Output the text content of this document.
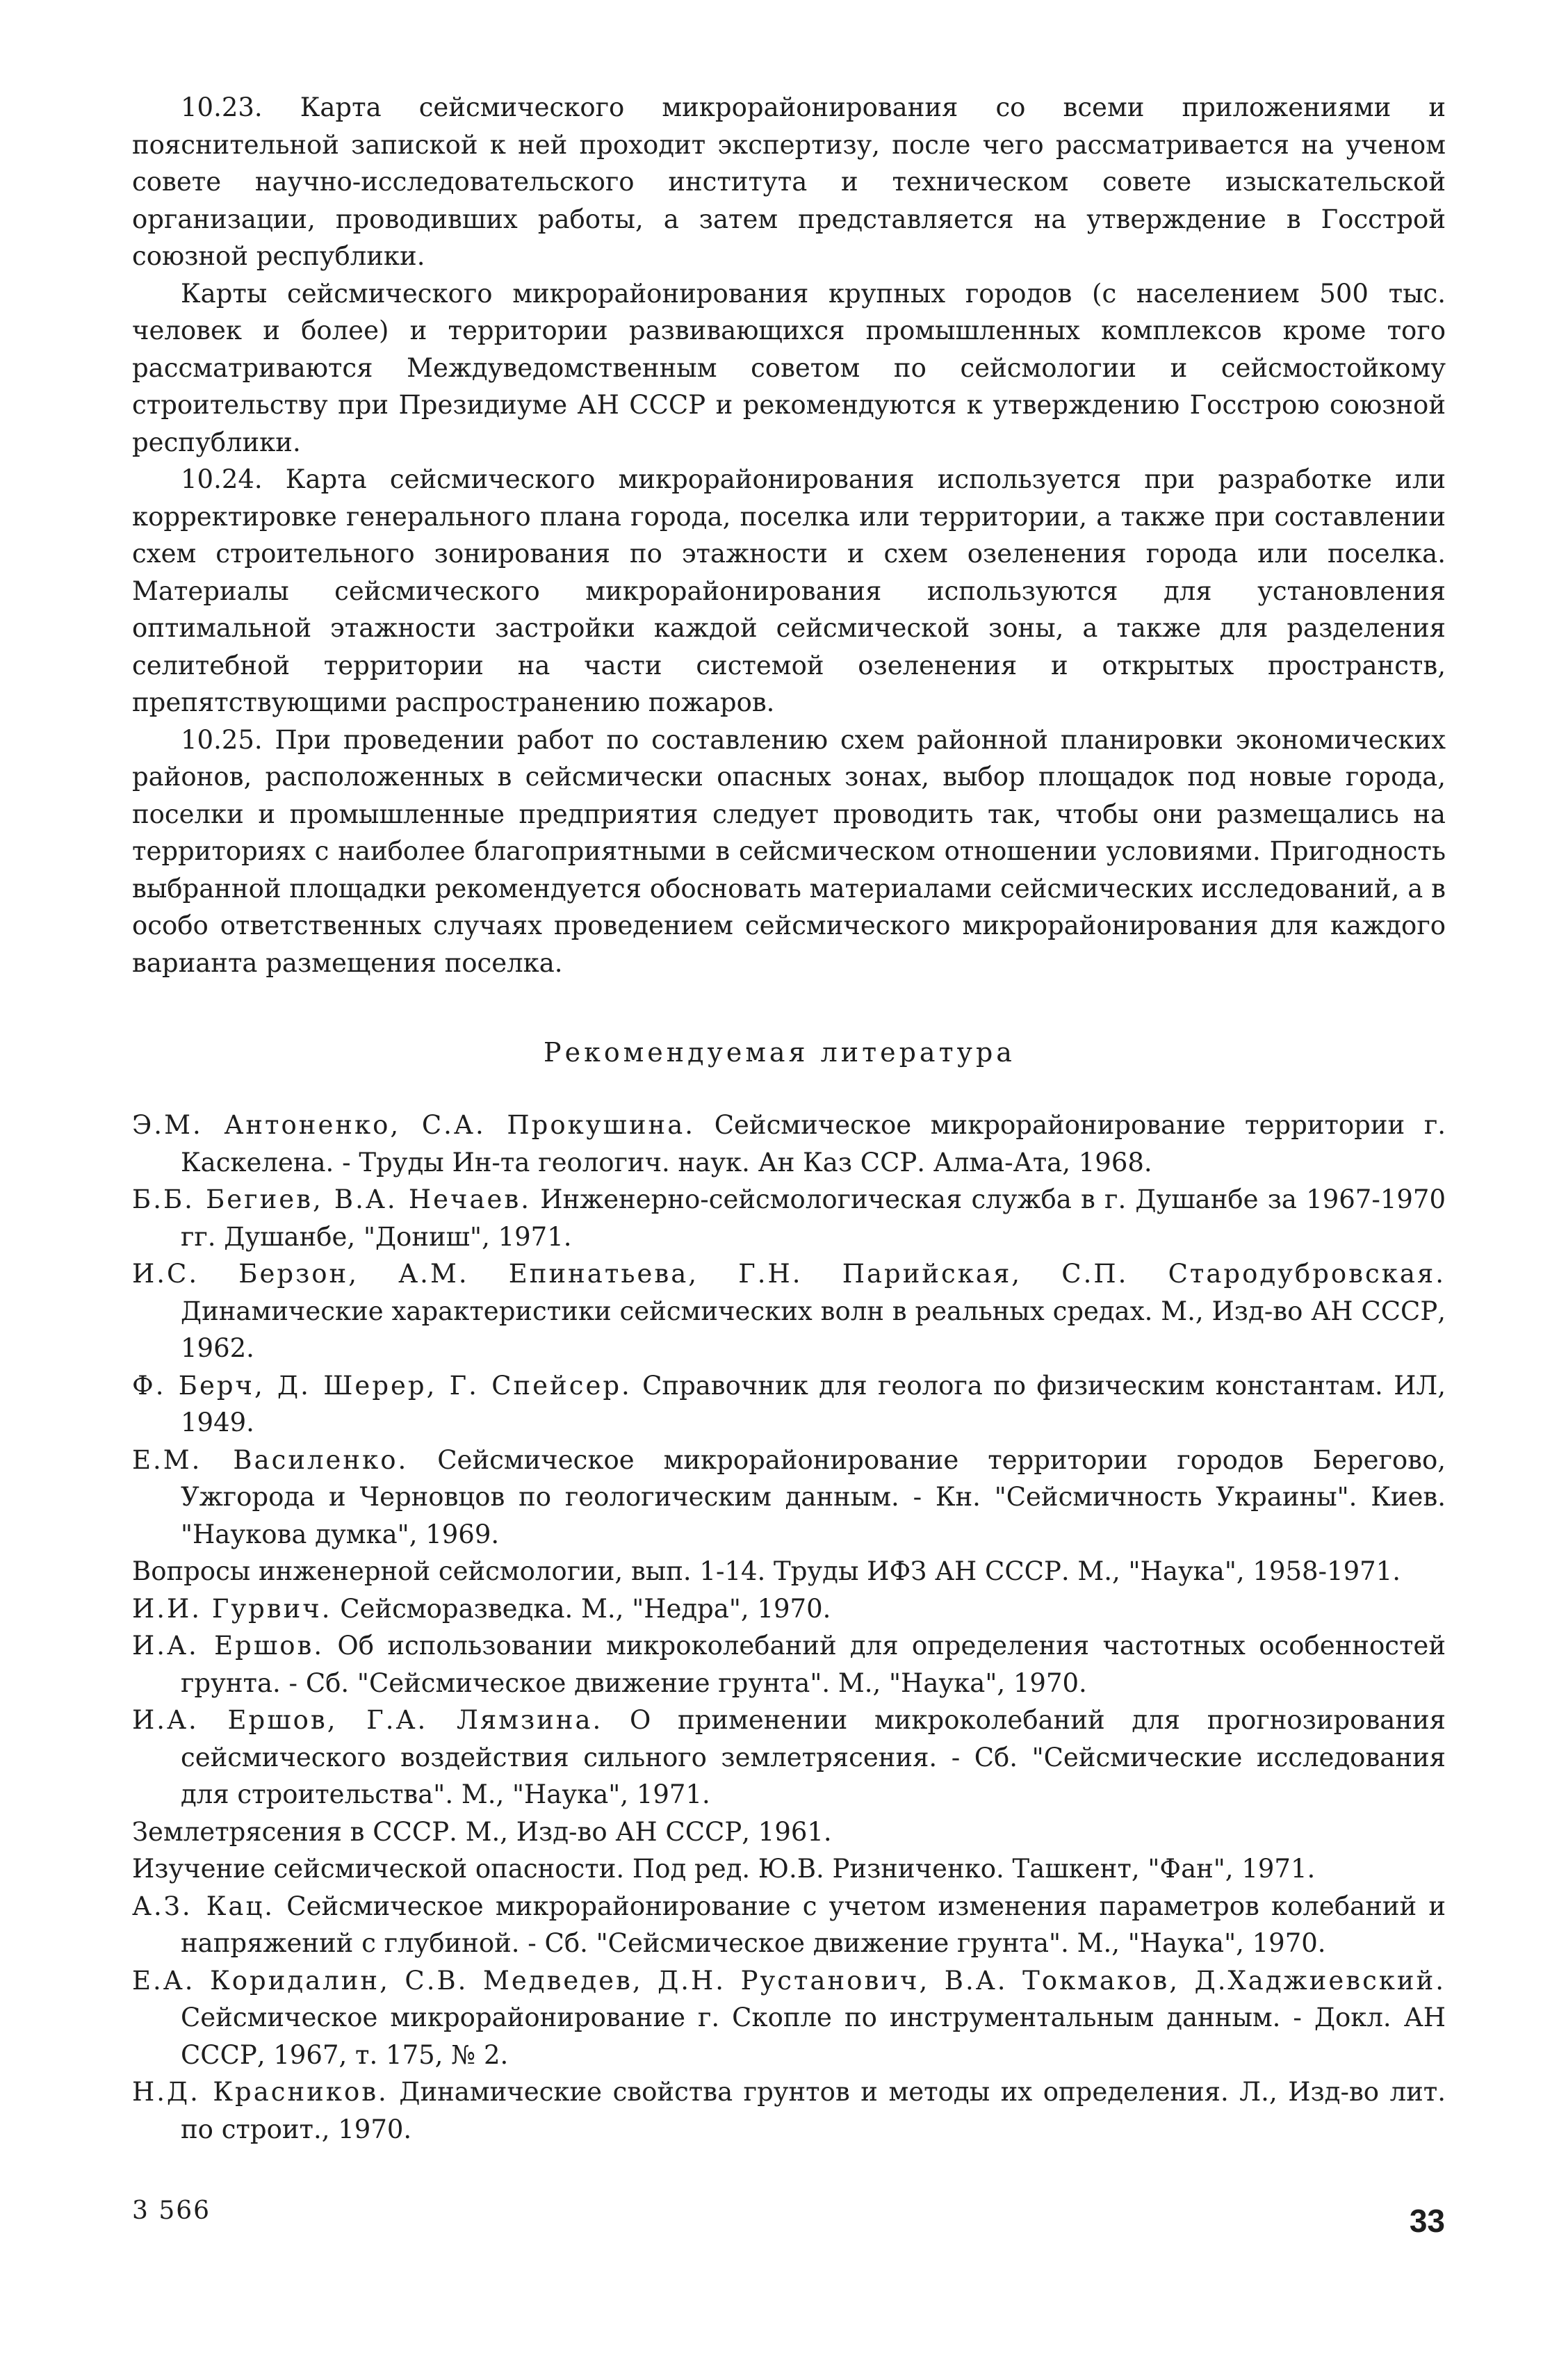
10.23. Карта сейсмического микрорайонирования со всеми приложениями и пояснительной запиской к ней проходит экспертизу, после чего рассматривается на ученом совете научно-исследовательского института и техническом совете изыскательской организации, проводивших работы, а затем представляется на утверждение в Госстрой союзной республики.

Карты сейсмического микрорайонирования крупных городов (с населением 500 тыс. человек и более) и территории развивающихся промышленных комплексов кроме того рассматриваются Междуведомственным советом по сейсмологии и сейсмостойкому строительству при Президиуме АН СССР и рекомендуются к утверждению Госстрою союзной республики.

10.24. Карта сейсмического микрорайонирования используется при разработке или корректировке генерального плана города, поселка или территории, а также при составлении схем строительного зонирования по этажности и схем озеленения города или поселка. Материалы сейсмического микрорайонирования используются для установления оптимальной этажности застройки каждой сейсмической зоны, а также для разделения селитебной территории на части системой озеленения и открытых пространств, препятствующими распространению пожаров.

10.25. При проведении работ по составлению схем районной планировки экономических районов, расположенных в сейсмически опасных зонах, выбор площадок под новые города, поселки и промышленные предприятия следует проводить так, чтобы они размещались на территориях с наиболее благоприятными в сейсмическом отношении условиями. Пригодность выбранной площадки рекомендуется обосновать материалами сейсмических исследований, а в особо ответственных случаях проведением сейсмического микрорайонирования для каждого варианта размещения поселка.

Рекомендуемая литература
Э.М. Антоненко, С.А. Прокушина. Сейсмическое микрорайонирование территории г. Каскелена. - Труды Ин-та геологич. наук. Ан Каз ССР. Алма-Ата, 1968.
Б.Б. Бегиев, В.А. Нечаев. Инженерно-сейсмологическая служба в г. Душанбе за 1967-1970 гг. Душанбе, "Дониш", 1971.
И.С. Берзон, А.М. Епинатьева, Г.Н. Парийская, С.П. Стародубровская. Динамические характеристики сейсмических волн в реальных средах. М., Изд-во АН СССР, 1962.
Ф. Берч, Д. Шерер, Г. Спейсер. Справочник для геолога по физическим константам. ИЛ, 1949.
Е.М. Василенко. Сейсмическое микрорайонирование территории городов Берегово, Ужгорода и Черновцов по геологическим данным. - Кн. "Сейсмичность Украины". Киев. "Наукова думка", 1969.
Вопросы инженерной сейсмологии, вып. 1-14. Труды ИФЗ АН СССР. М., "Наука", 1958-1971.
И.И. Гурвич. Сейсморазведка. М., "Недра", 1970.
И.А. Ершов. Об использовании микроколебаний для определения частотных особенностей грунта. - Сб. "Сейсмическое движение грунта". М., "Наука", 1970.
И.А. Ершов, Г.А. Лямзина. О применении микроколебаний для прогнозирования сейсмического воздействия сильного землетрясения. - Сб. "Сейсмические исследования для строительства". М., "Наука", 1971.
Землетрясения в СССР. М., Изд-во АН СССР, 1961.
Изучение сейсмической опасности. Под ред. Ю.В. Ризниченко. Ташкент, "Фан", 1971.
А.З. Кац. Сейсмическое микрорайонирование с учетом изменения параметров колебаний и напряжений с глубиной. - Сб. "Сейсмическое движение грунта". М., "Наука", 1970.
Е.А. Коридалин, С.В. Медведев, Д.Н. Рустанович, В.А. Токмаков, Д.Хаджиевский. Сейсмическое микрорайонирование г. Скопле по инструментальным данным. - Докл. АН СССР, 1967, т. 175, № 2.
Н.Д. Красников. Динамические свойства грунтов и методы их определения. Л., Изд-во лит. по строит., 1970.
3 566	33
